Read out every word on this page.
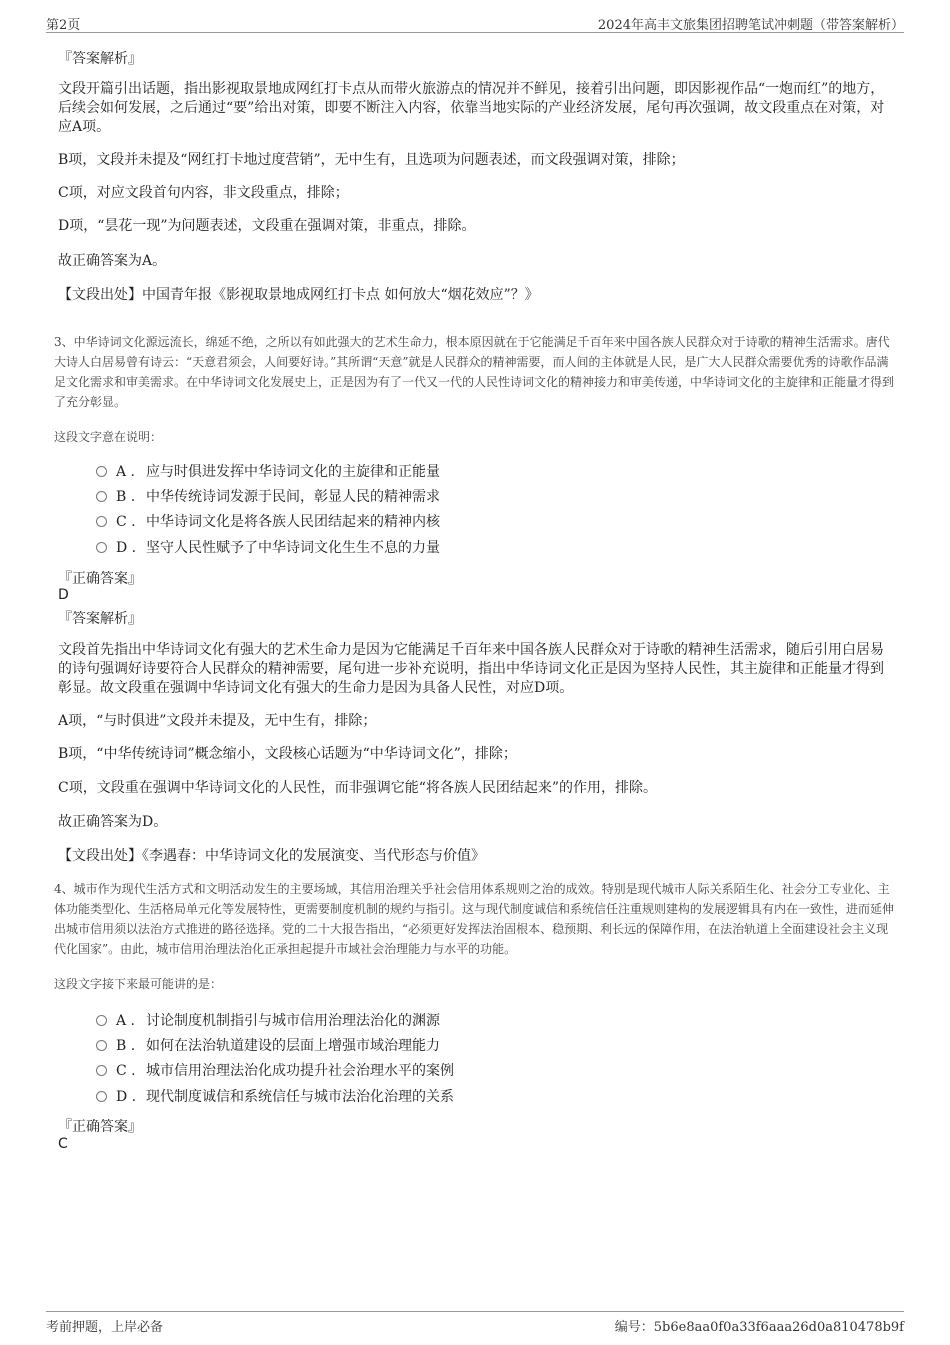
第2页	2024年高丰文旅集团招聘笔试冲刺题（带答案解析）
『答案解析』
文段开篇引出话题，指出影视取景地成网红打卡点从而带火旅游点的情况并不鲜见，接着引出问题，即因影视作品“一炮而红”的地方，后续会如何发展，之后通过“要”给出对策，即要不断注入内容，依靠当地实际的产业经济发展，尾句再次强调，故文段重点在对策，对应A项。
B项，文段并未提及“网红打卡地过度营销”，无中生有，且选项为问题表述，而文段强调对策，排除；
C项，对应文段首句内容，非文段重点，排除；
D项，“昙花一现”为问题表述，文段重在强调对策，非重点，排除。
故正确答案为A。
【文段出处】中国青年报《影视取景地成网红打卡点 如何放大“烟花效应”？》
3、中华诗词文化源远流长，绵延不绝，之所以有如此强大的艺术生命力，根本原因就在于它能满足千百年来中国各族人民群众对于诗歌的精神生活需求。唐代大诗人白居易曾有诗云：“天意君须会，人间要好诗。”其所谓“天意”就是人民群众的精神需要，而人间的主体就是人民，是广大人民群众需要优秀的诗歌作品满足文化需求和审美需求。在中华诗词文化发展史上，正是因为有了一代又一代的人民性诗词文化的精神接力和审美传递，中华诗词文化的主旋律和正能量才得到了充分彰显。
这段文字意在说明：
A . 应与时俱进发挥中华诗词文化的主旋律和正能量
B . 中华传统诗词发源于民间，彰显人民的精神需求
C . 中华诗词文化是将各族人民团结起来的精神内核
D . 坚守人民性赋予了中华诗词文化生生不息的力量
『正确答案』
D
『答案解析』
文段首先指出中华诗词文化有强大的艺术生命力是因为它能满足千百年来中国各族人民群众对于诗歌的精神生活需求，随后引用白居易的诗句强调好诗要符合人民群众的精神需要，尾句进一步补充说明，指出中华诗词文化正是因为坚持人民性，其主旋律和正能量才得到彰显。故文段重在强调中华诗词文化有强大的生命力是因为具备人民性，对应D项。
A项，“与时俱进”文段并未提及，无中生有，排除；
B项，“中华传统诗词”概念缩小，文段核心话题为“中华诗词文化”，排除；
C项，文段重在强调中华诗词文化的人民性，而非强调它能“将各族人民团结起来”的作用，排除。
故正确答案为D。
【文段出处】《李遇春：中华诗词文化的发展演变、当代形态与价值》
4、城市作为现代生活方式和文明活动发生的主要场域，其信用治理关乎社会信用体系规则之治的成效。特别是现代城市人际关系陌生化、社会分工专业化、主体功能类型化、生活格局单元化等发展特性，更需要制度机制的规约与指引。这与现代制度诚信和系统信任注重规则建构的发展逻辑具有内在一致性，进而延伸出城市信用须以法治方式推进的路径选择。党的二十大报告指出，“必须更好发挥法治固根本、稳预期、利长远的保障作用，在法治轨道上全面建设社会主义现代化国家”。由此，城市信用治理法治化正承担起提升市域社会治理能力与水平的功能。
这段文字接下来最可能讲的是：
A . 讨论制度机制指引与城市信用治理法治化的渊源
B . 如何在法治轨道建设的层面上增强市域治理能力
C . 城市信用治理法治化成功提升社会治理水平的案例
D . 现代制度诚信和系统信任与城市法治化治理的关系
『正确答案』
C
考前押题，上岸必备	编号：5b6e8aa0f0a33f6aaa26d0a810478b9f
